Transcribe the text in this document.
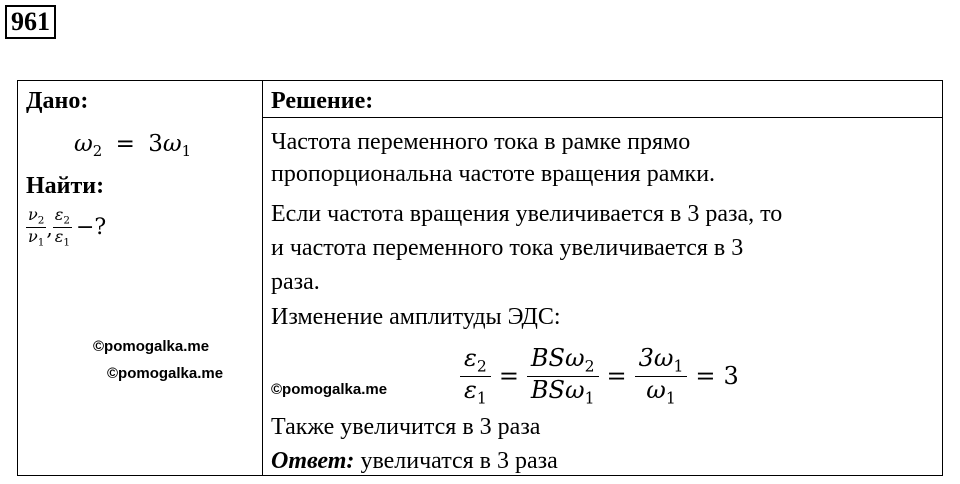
961
Дано:
$\omega_2 = 3\omega_1$
Найти:
$\frac{\nu_2}{\nu_1}$ , $\frac{\varepsilon_2}{\varepsilon_1}$ −?
©pomogalka.me
©pomogalka.me
Решение:
Частота переменного тока в рамке прямо
пропорциональна частоте вращения рамки.
Если частота вращения увеличивается в 3 раза, то
и частота переменного тока увеличивается в 3
раза.
Изменение амплитуды ЭДС:
©pomogalka.me	$\frac{\varepsilon_2}{\varepsilon_1} = \frac{BS\omega_2}{BS\omega_1} = \frac{3\omega_1}{\omega_1} = 3$
Также увеличится в 3 раза
Ответ: увеличатся в 3 раза
